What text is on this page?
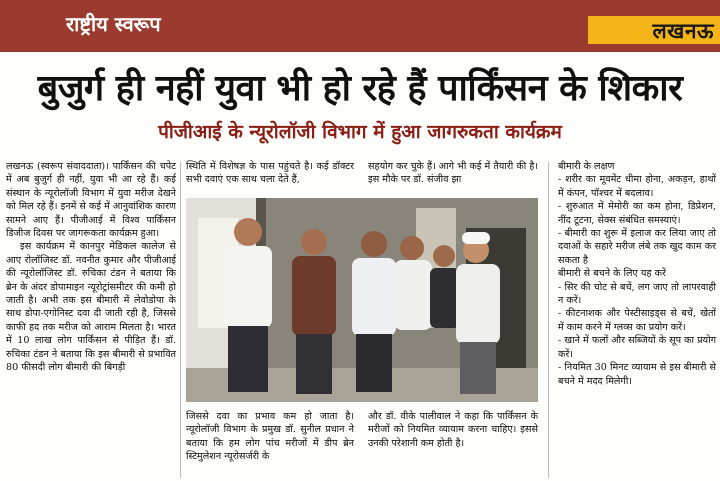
राष्ट्रीय स्वरूप	लखनऊ
बुजुर्ग ही नहीं युवा भी हो रहे हैं पार्किंसन के शिकार
पीजीआई के न्यूरोलॉजी विभाग में हुआ जागरुकता कार्यक्रम

लखनऊ (स्वरूप संवाददाता)। पार्किंसन की चपेट में अब बुजुर्ग ही नहीं, युवा भी आ रहे हैं। कई संस्थान के न्यूरोलॉजी विभाग में युवा मरीज देखने को मिल रहे हैं। इनमें से कई में आनुवांशिक कारण सामने आए हैं। पीजीआई में विश्व पार्किंसन डिजीज दिवस पर जागरूकता कार्यक्रम हुआ।

इस कार्यक्रम में कानपुर मेडिकल कालेज से आए रोलॉजिस्ट डॉ. नवनीत कुमार और पीजीआई की न्यूरोलॉजिस्ट डॉ. रुचिका टंडन ने बताया कि ब्रेन के अंदर डोपामाइन न्यूरोट्रांसमीटर की कमी हो जाती है। अभी तक इस बीमारी में लेवोडोपा के साथ डोपा-एगोनिस्ट दवा दी जाती रही है, जिससे काफी हद तक मरीज को आराम मिलता है। भारत में 10 लाख लोग पार्किंसन से पीड़ित हैं। डॉ. रुचिका टंडन ने बताया कि इस बीमारी से प्रभावित 80 फीसदी लोग बीमारी की बिगड़ी

स्थिति में विशेषज्ञ के पास पहुंचते है। कई डॉक्टर सभी दवाएं एक साथ चला देते हैं,
सहयोग कर चुके हैं। आगे भी कई में तैयारी की है। इस मौके पर डॉ. संजीव झा
जिससे दवा का प्रभाव कम हो जाता है। न्यूरोलॉजी विभाग के प्रमुख डॉ. सुनील प्रधान ने बताया कि हम लोग पांच मरीजों में डीप ब्रेन स्टिमुलेशन न्यूरोसर्जरी के
और डॉ. वीके पालीवाल ने कहा कि पार्किंसन के मरीजों को नियमित व्यायाम करना चाहिए। इससे उनकी परेशानी कम होती है।

बीमारी के लक्षण

- शरीर का मूवमेंट धीमा होना, अकड़न, हाथों में कंपन, पॉश्चर में बदलाव।

- शुरुआत में मेमोरी का कम होना, डिप्रेशन, नींद टूटना, सेक्स संबंधित समस्याएं।

- बीमारी का शुरू में इलाज कर लिया जाए तो दवाओं के सहारे मरीज लंबे तक खुद काम कर सकता है

बीमारी से बचने के लिए यह करें

- सिर की चोट से बचें, लग जाए तो लापरवाही न करें।

- कीटनाशक और पेस्टीसाइड्स से बचें, खेतों में काम करने में ग्लव्स का प्रयोग करें।

- खाने में फलों और सब्जियों के सूप का प्रयोग करें।

- नियमित 30 मिनट व्यायाम से इस बीमारी से बचने में मदद मिलेगी।
